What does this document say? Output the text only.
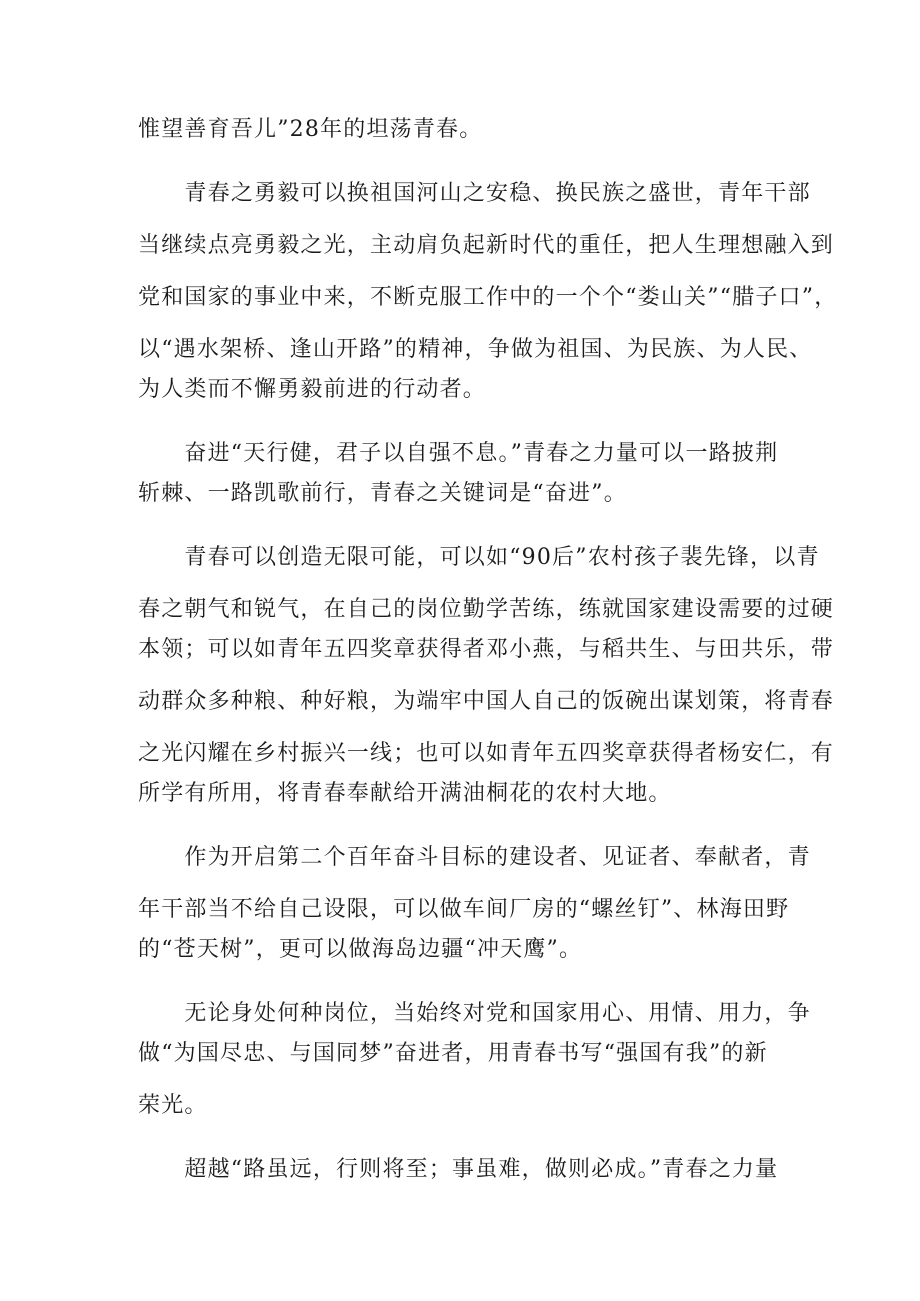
惟望善育吾儿”28年的坦荡青春。
　　青春之勇毅可以换祖国河山之安稳、换民族之盛世，青年干部
当继续点亮勇毅之光，主动肩负起新时代的重任，把人生理想融入到
党和国家的事业中来，不断克服工作中的一个个“娄山关”“腊子口”，
以“遇水架桥、逢山开路”的精神，争做为祖国、为民族、为人民、
为人类而不懈勇毅前进的行动者。
　　奋进“天行健，君子以自强不息。”青春之力量可以一路披荆
斩棘、一路凯歌前行，青春之关键词是“奋进”。
　　青春可以创造无限可能，可以如“90后”农村孩子裴先锋，以青
春之朝气和锐气，在自己的岗位勤学苦练，练就国家建设需要的过硬
本领；可以如青年五四奖章获得者邓小燕，与稻共生、与田共乐，带
动群众多种粮、种好粮，为端牢中国人自己的饭碗出谋划策，将青春
之光闪耀在乡村振兴一线；也可以如青年五四奖章获得者杨安仁，有
所学有所用，将青春奉献给开满油桐花的农村大地。
　　作为开启第二个百年奋斗目标的建设者、见证者、奉献者，青
年干部当不给自己设限，可以做车间厂房的“螺丝钉”、林海田野
的“苍天树”，更可以做海岛边疆“冲天鹰”。
　　无论身处何种岗位，当始终对党和国家用心、用情、用力，争
做“为国尽忠、与国同梦”奋进者，用青春书写“强国有我”的新
荣光。
　　超越“路虽远，行则将至；事虽难，做则必成。”青春之力量
